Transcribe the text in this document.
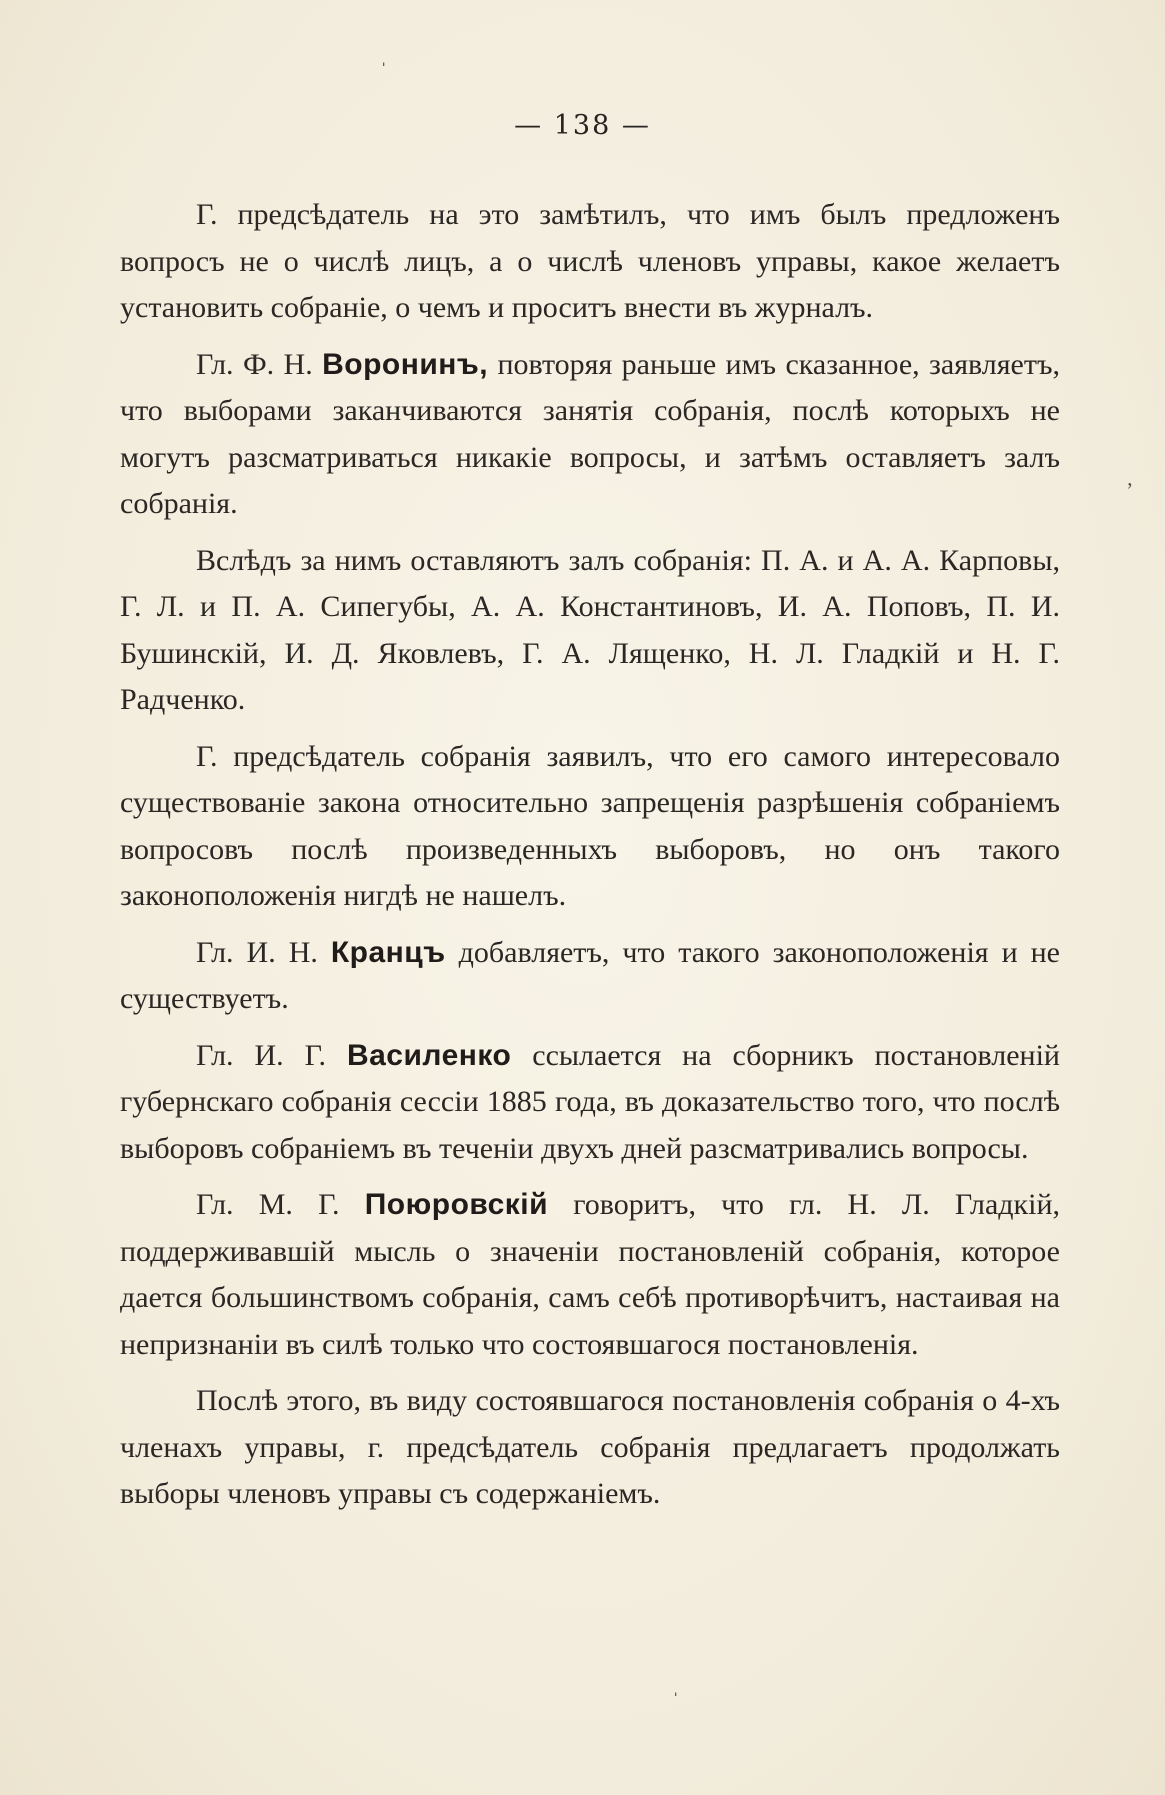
— 138 —
ˈ
ʼ
ˈ

Г. предсѣдатель на это замѣтилъ, что имъ былъ предложенъ вопросъ не о числѣ лицъ, а о числѣ членовъ управы, какое желаетъ установить собраніе, о чемъ и проситъ внести въ журналъ.

Гл. Ф. Н. Воронинъ, повторяя раньше имъ сказанное, заявляетъ, что выборами заканчиваются занятія собранія, послѣ которыхъ не могутъ разсматриваться никакіе вопросы, и затѣмъ оставляетъ залъ собранія.

Вслѣдъ за нимъ оставляютъ залъ собранія: П. А. и А. А. Карповы, Г. Л. и П. А. Сипегубы, А. А. Константиновъ, И. А. Поповъ, П. И. Бушинскій, И. Д. Яковлевъ, Г. А. Лященко, Н. Л. Гладкій и Н. Г. Радченко.

Г. предсѣдатель собранія заявилъ, что его самого интересовало существованіе закона относительно запрещенія разрѣшенія собраніемъ вопросовъ послѣ произведенныхъ выборовъ, но онъ такого законоположенія нигдѣ не нашелъ.

Гл. И. Н. Кранцъ добавляетъ, что такого законоположенія и не существуетъ.

Гл. И. Г. Василенко ссылается на сборникъ постановленій губернскаго собранія сессіи 1885 года, въ доказательство того, что послѣ выборовъ собраніемъ въ теченіи двухъ дней разсматривались вопросы.

Гл. М. Г. Поюровскій говоритъ, что гл. Н. Л. Гладкій, поддерживавшій мысль о значеніи постановленій собранія, которое дается большинствомъ собранія, самъ себѣ противорѣчитъ, настаивая на непризнаніи въ силѣ только что состоявшагося постановленія.

Послѣ этого, въ виду состоявшагося постановленія собранія о 4-хъ членахъ управы, г. предсѣдатель собранія предлагаетъ продолжать выборы членовъ управы съ содержаніемъ.
